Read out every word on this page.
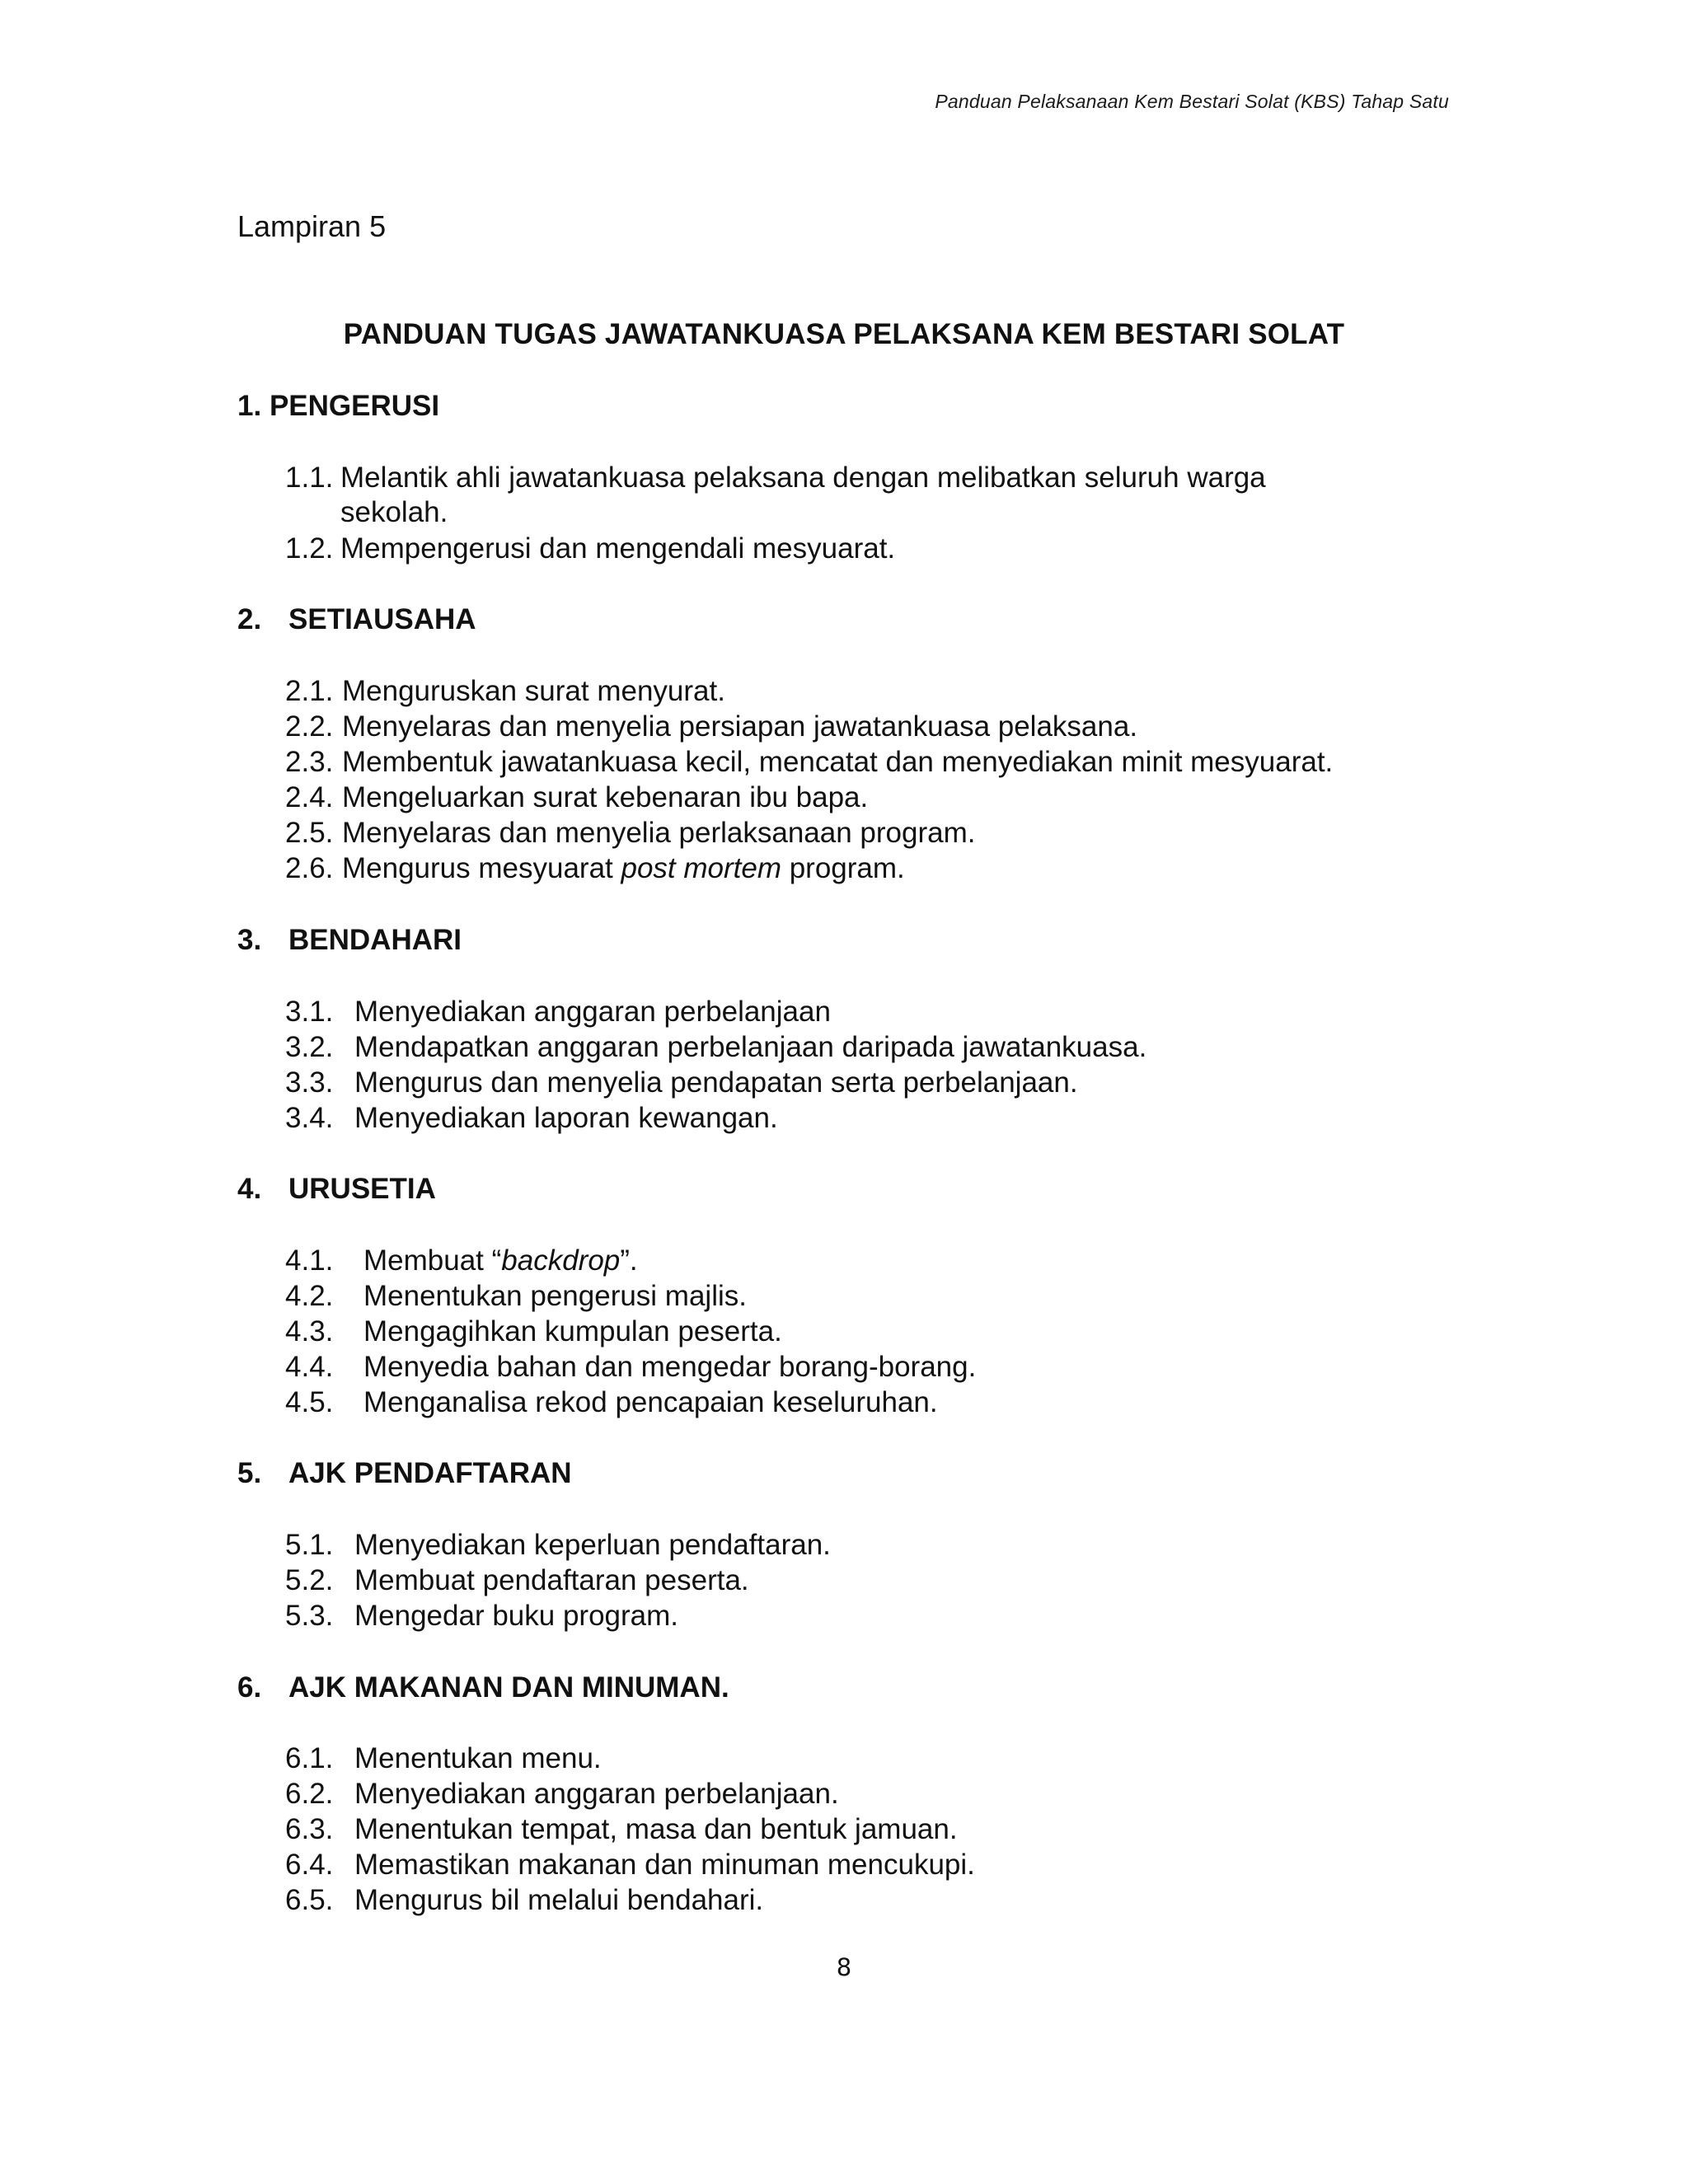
Panduan Pelaksanaan Kem Bestari Solat (KBS) Tahap Satu
Lampiran 5
PANDUAN TUGAS JAWATANKUASA PELAKSANA KEM BESTARI SOLAT
1. PENGERUSI
1.1. Melantik ahli jawatankuasa pelaksana dengan melibatkan seluruh warga sekolah.
1.2. Mempengerusi dan mengendali mesyuarat.
2. SETIAUSAHA
2.1. Menguruskan surat menyurat.
2.2. Menyelaras dan menyelia persiapan jawatankuasa pelaksana.
2.3. Membentuk jawatankuasa kecil, mencatat dan menyediakan minit mesyuarat.
2.4. Mengeluarkan surat kebenaran ibu bapa.
2.5. Menyelaras dan menyelia perlaksanaan program.
2.6. Mengurus mesyuarat post mortem program.
3. BENDAHARI
3.1. Menyediakan anggaran perbelanjaan
3.2. Mendapatkan anggaran perbelanjaan daripada jawatankuasa.
3.3. Mengurus dan menyelia pendapatan serta perbelanjaan.
3.4. Menyediakan laporan kewangan.
4. URUSETIA
4.1. Membuat “backdrop”.
4.2. Menentukan pengerusi majlis.
4.3. Mengagihkan kumpulan peserta.
4.4. Menyedia bahan dan mengedar borang-borang.
4.5. Menganalisa rekod pencapaian keseluruhan.
5. AJK PENDAFTARAN
5.1. Menyediakan keperluan pendaftaran.
5.2. Membuat pendaftaran peserta.
5.3. Mengedar buku program.
6. AJK MAKANAN DAN MINUMAN.
6.1. Menentukan menu.
6.2. Menyediakan anggaran perbelanjaan.
6.3. Menentukan tempat, masa dan bentuk jamuan.
6.4. Memastikan makanan dan minuman mencukupi.
6.5. Mengurus bil melalui bendahari.
8
